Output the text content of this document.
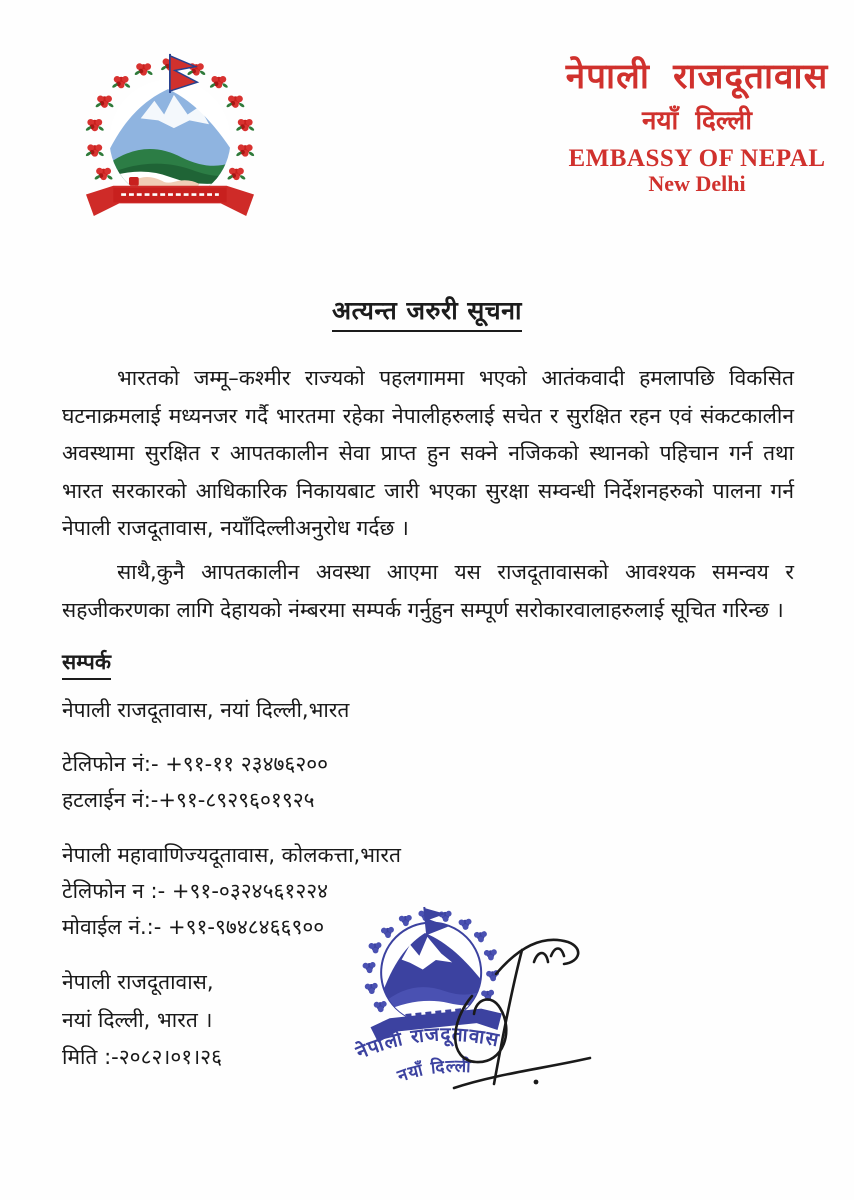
नेपाली राजदूतावास
नयाँ दिल्ली
EMBASSY OF NEPAL
New Delhi
अत्यन्त जरुरी सूचना
भारतको जम्मू–कश्मीर राज्यको पहलगाममा भएको आतंकवादी हमलापछि विकसित घटनाक्रमलाई मध्यनजर गर्दै भारतमा रहेका नेपालीहरुलाई सचेत र सुरक्षित रहन एवं संकटकालीन अवस्थामा सुरक्षित र आपतकालीन सेवा प्राप्त हुन सक्ने नजिकको स्थानको पहिचान गर्न तथा भारत सरकारको आधिकारिक निकायबाट जारी भएका सुरक्षा सम्वन्धी निर्देशनहरुको पालना गर्न नेपाली राजदूतावास, नयाँदिल्लीअनुरोध गर्दछ ।
साथै,कुनै आपतकालीन अवस्था आएमा यस राजदूतावासको आवश्यक समन्वय र सहजीकरणका लागि देहायको नंम्बरमा सम्पर्क गर्नुहुन सम्पूर्ण सरोकारवालाहरुलाई सूचित गरिन्छ ।
सम्पर्क
नेपाली राजदूतावास, नयां दिल्ली,भारत
टेलिफोन नं:- +९१-११ २३४७६२००
हटलाईन नं:-+९१-८९२९६०१९२५
नेपाली महावाणिज्यदूतावास, कोलकत्ता,भारत
टेलिफोन न :- +९१-०३२४५६१२२४
मोवाईल नं.:- +९१-९७४८४६६९००
नेपाली राजदूतावास,
नयां दिल्ली, भारत ।
मिति :-२०८२।०१।२६	नेपाली राजदूतावास
नयाँ दिल्ली
